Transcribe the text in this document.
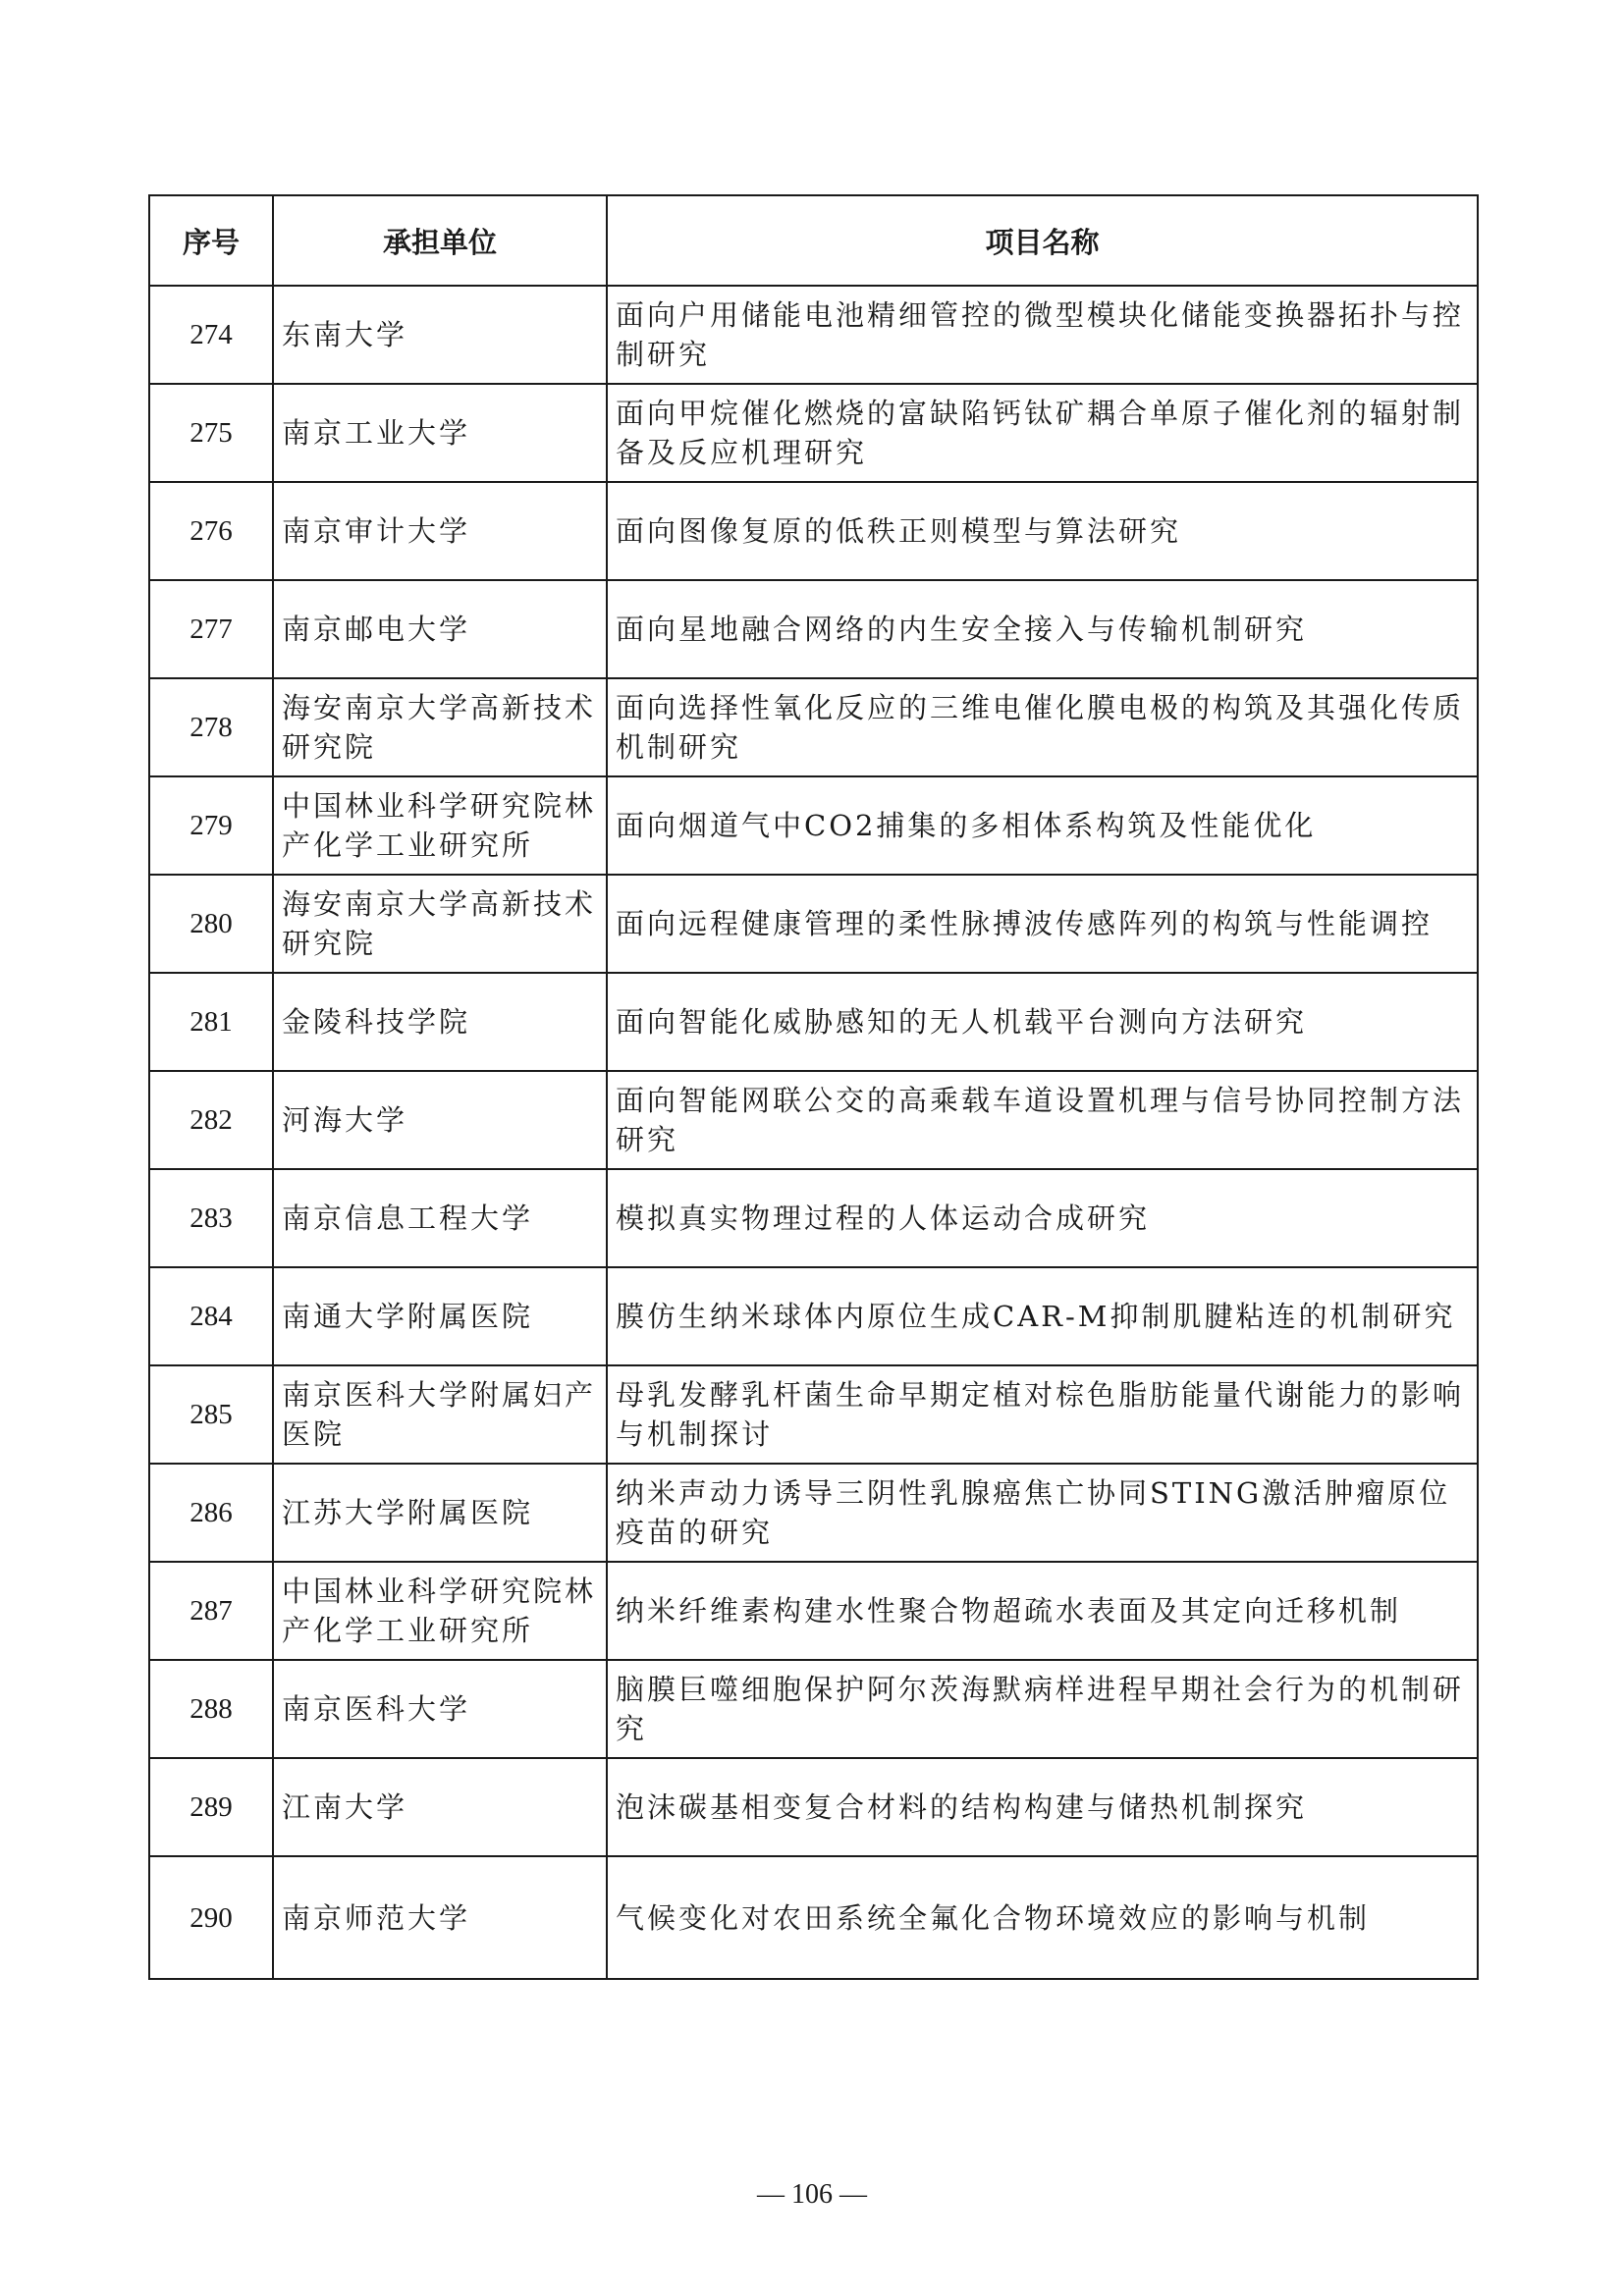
序号	承担单位	项目名称
274	东南大学	面向户用储能电池精细管控的微型模块化储能变换器拓扑与控制研究
275	南京工业大学	面向甲烷催化燃烧的富缺陷钙钛矿耦合单原子催化剂的辐射制备及反应机理研究
276	南京审计大学	面向图像复原的低秩正则模型与算法研究
277	南京邮电大学	面向星地融合网络的内生安全接入与传输机制研究
278	海安南京大学高新技术研究院	面向选择性氧化反应的三维电催化膜电极的构筑及其强化传质机制研究
279	中国林业科学研究院林产化学工业研究所	面向烟道气中CO2捕集的多相体系构筑及性能优化
280	海安南京大学高新技术研究院	面向远程健康管理的柔性脉搏波传感阵列的构筑与性能调控
281	金陵科技学院	面向智能化威胁感知的无人机载平台测向方法研究
282	河海大学	面向智能网联公交的高乘载车道设置机理与信号协同控制方法研究
283	南京信息工程大学	模拟真实物理过程的人体运动合成研究
284	南通大学附属医院	膜仿生纳米球体内原位生成CAR-M抑制肌腱粘连的机制研究
285	南京医科大学附属妇产医院	母乳发酵乳杆菌生命早期定植对棕色脂肪能量代谢能力的影响与机制探讨
286	江苏大学附属医院	纳米声动力诱导三阴性乳腺癌焦亡协同STING激活肿瘤原位疫苗的研究
287	中国林业科学研究院林产化学工业研究所	纳米纤维素构建水性聚合物超疏水表面及其定向迁移机制
288	南京医科大学	脑膜巨噬细胞保护阿尔茨海默病样进程早期社会行为的机制研究
289	江南大学	泡沫碳基相变复合材料的结构构建与储热机制探究
290	南京师范大学	气候变化对农田系统全氟化合物环境效应的影响与机制
— 106 —
